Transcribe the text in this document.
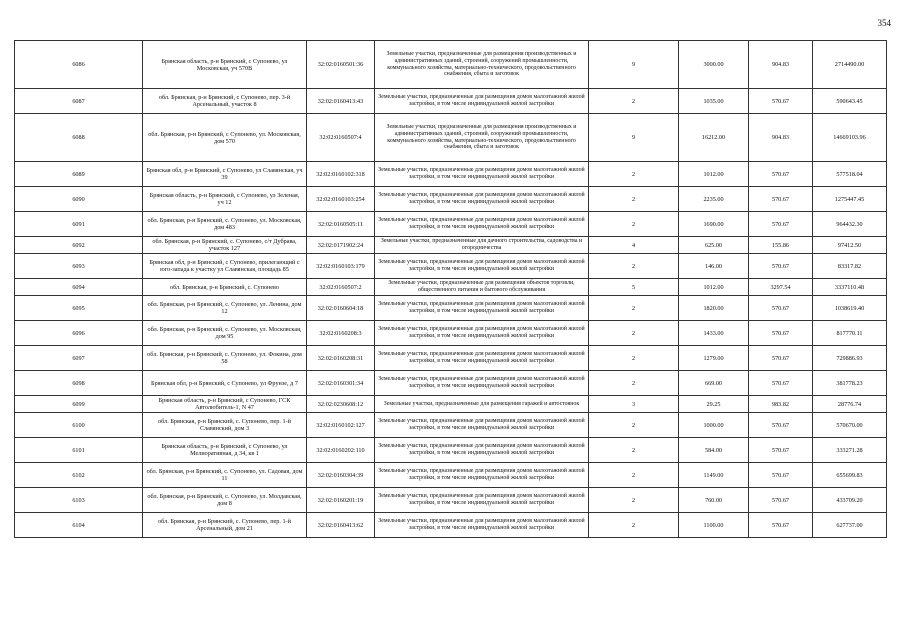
354
6086	Брянская область, р-н Брянский, с Супонево, ул Московская, уч 570В	32:02:0160501:36	Земельные участки, предназначенные для размещения производственных и административных зданий, строений, сооружений промышленности, коммунального хозяйства, материально-технического, продовольственного снабжения, сбыта и заготовок	9	3000.00	904.83	2714490.00
6087	обл. Брянская, р-н Брянский, с Супонево, пер. 3-й Арсенальный, участок 8	32:02:0160413:43	Земельные участки, предназначенные для размещения домов малоэтажной жилой застройки, в том числе индивидуальной жилой застройки	2	1035.00	570.67	590643.45
6088	обл. Брянская, р-н Брянский, с Супонево, ул. Московская, дом 570	32:02:0160507:4	Земельные участки, предназначенные для размещения производственных и административных зданий, строений, сооружений промышленности, коммунального хозяйства, материально-технического, продовольственного снабжения, сбыта и заготовок	9	16212.00	904.83	14669103.96
6089	Брянская обл, р-н Брянский, с Супонево, ул Славянская, уч 39	32:02:0160102:318	Земельные участки, предназначенные для размещения домов малоэтажной жилой застройки, в том числе индивидуальной жилой застройки	2	1012.00	570.67	577518.04
6090	Брянская область, р-н Брянский, с Супонево, ул Зеленая, уч 12	32:02:0160103:254	Земельные участки, предназначенные для размещения домов малоэтажной жилой застройки, в том числе индивидуальной жилой застройки	2	2235.00	570.67	1275447.45
6091	обл. Брянская, р-н Брянский, с. Супонево, ул. Московская, дом 483	32:02:0160505:11	Земельные участки, предназначенные для размещения домов малоэтажной жилой застройки, в том числе индивидуальной жилой застройки	2	1690.00	570.67	964432.30
6092	обл. Брянская, р-н Брянский, с. Супонево, с/т Дубрава, участок 127	32:02:0171902:24	Земельные участки, предназначенные для дачного строительства, садоводства и огородничества	4	625.00	155.86	97412.50
6093	Брянская обл, р-н Брянский, с Супонево, прилегающий с юго-запада к участку ул Славянская, площадь 85	32:02:0160103:179	Земельные участки, предназначенные для размещения домов малоэтажной жилой застройки, в том числе индивидуальной жилой застройки	2	146.00	570.67	83317.82
6094	обл. Брянская, р-н Брянский, с. Супонево	32:02:0160507:2	Земельные участки, предназначенные для размещения объектов торговли, общественного питания и бытового обслуживания	5	1012.00	3297.54	3337110.48
6095	обл. Брянская, р-н Брянский, с. Супонево, ул. Ленина, дом 12	32:02:0160604:18	Земельные участки, предназначенные для размещения домов малоэтажной жилой застройки, в том числе индивидуальной жилой застройки	2	1820.00	570.67	1038619.40
6096	обл. Брянская, р-н Брянский, с. Супонево, ул. Московская, дом 95	32:02:0160208:3	Земельные участки, предназначенные для размещения домов малоэтажной жилой застройки, в том числе индивидуальной жилой застройки	2	1433.00	570.67	817770.11
6097	обл. Брянская, р-н Брянский, с. Супонево, ул. Фокина, дом 58	32:02:0160208:31	Земельные участки, предназначенные для размещения домов малоэтажной жилой застройки, в том числе индивидуальной жилой застройки	2	1279.00	570.67	729886.93
6098	Брянская обл, р-н Брянский, с Супонево, ул Фрунзе, д 7	32:02:0160301:34	Земельные участки, предназначенные для размещения домов малоэтажной жилой застройки, в том числе индивидуальной жилой застройки	2	669.00	570.67	381778.23
6099	Брянская область, р-н Брянский, с Супонево, ГСК Автолюбитель-1, N 47	32:02:0230608:12	Земельные участки, предназначенные для размещения гаражей и автостоянок	3	29.25	983.82	28776.74
6100	обл. Брянская, р-н Брянский, с. Супонево, пер. 1-й Славянский, дом 3	32:02:0160102:127	Земельные участки, предназначенные для размещения домов малоэтажной жилой застройки, в том числе индивидуальной жилой застройки	2	1000.00	570.67	570670.00
6101	Брянская область, р-н Брянский, с Супонево, ул Мелиоративная, д 34, кв 1	32:02:0160202:110	Земельные участки, предназначенные для размещения домов малоэтажной жилой застройки, в том числе индивидуальной жилой застройки	2	584.00	570.67	333271.28
6102	обл. Брянская, р-н Брянский, с. Супонево, ул. Садовая, дом 11	32:02:0160304:39	Земельные участки, предназначенные для размещения домов малоэтажной жилой застройки, в том числе индивидуальной жилой застройки	2	1149.00	570.67	655699.83
6103	обл. Брянская, р-н Брянский, с. Супонево, ул. Молдавская, дом 8	32:02:0160201:19	Земельные участки, предназначенные для размещения домов малоэтажной жилой застройки, в том числе индивидуальной жилой застройки	2	760.00	570.67	433709.20
6104	обл. Брянская, р-н Брянский, с. Супонево, пер. 1-й Арсенальный, дом 21	32:02:0160413:62	Земельные участки, предназначенные для размещения домов малоэтажной жилой застройки, в том числе индивидуальной жилой застройки	2	1100.00	570.67	627737.00
